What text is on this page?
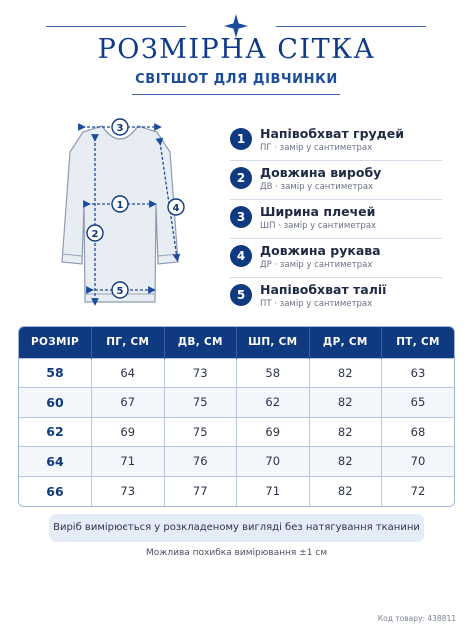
РОЗМІРНА СІТКА
СВІТШОТ ДЛЯ ДІВЧИНКИ
1
2
3
4
5
1	Напівобхват грудей
ПГ · замір у сантиметрах
2	Довжина виробу
ДВ · замір у сантиметрах
3	Ширина плечей
ШП · замір у сантиметрах
4	Довжина рукава
ДР · замір у сантиметрах
5	Напівобхват талії
ПТ · замір у сантиметрах
РОЗМІР	ПГ, СМ	ДВ, СМ	ШП, СМ	ДР, СМ	ПТ, СМ
58	64	73	58	82	63
60	67	75	62	82	65
62	69	75	69	82	68
64	71	76	70	82	70
66	73	77	71	82	72
Виріб вимірюється у розкладеному вигляді без натягування тканини
Можлива похибка вимірювання ±1 см
Код товару: 438811
